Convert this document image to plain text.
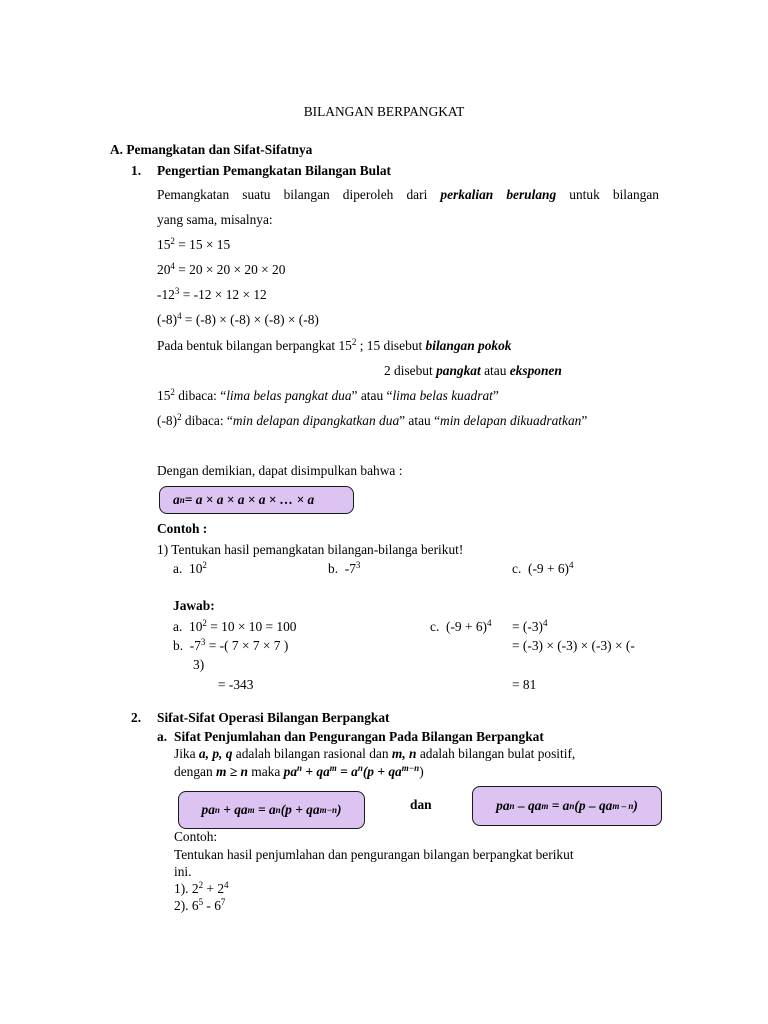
BILANGAN BERPANGKAT
A. Pemangkatan dan Sifat-Sifatnya
1. Pengertian Pemangkatan Bilangan Bulat
Pemangkatan suatu bilangan diperoleh dari perkalian berulang untuk bilangan
yang sama, misalnya:
$15^2 = 15 \times 15$
$20^4 = 20 \times 20 \times 20 \times 20$
$-12^3 = -12 \times 12 \times 12$
$(-8)^4 = (-8) \times (-8) \times (-8) \times (-8)$
Pada bentuk bilangan berpangkat $15^2$ ; 15 disebut bilangan pokok
2 disebut pangkat atau eksponen
$15^2$ dibaca: “lima belas pangkat dua” atau “lima belas kuadrat”
$(-8)^2$ dibaca: “min delapan dipangkatkan dua” atau “min delapan dikuadratkan”
Dengan demikian, dapat disimpulkan bahwa :
a n = a × a × a × a × … × a
Contoh :
1) Tentukan hasil pemangkatan bilangan-bilanga berikut!
a. $10^2$	b. $-7^3$	c. $(-9 + 6)^4$
Jawab:
a. $10^2 = 10 \times 10 = 100$
b. $-7^3$ = -( 7 × 7 × 7 )
3)
= -343
c. $(-9 + 6)^4 = (-3)^4$
= (-3) × (-3) × (-3) × (-
= 81
2. Sifat-Sifat Operasi Bilangan Berpangkat
a. Sifat Penjumlahan dan Pengurangan Pada Bilangan Berpangkat
Jika a, p, q adalah bilangan rasional dan m, n adalah bilangan bulat positif,
dengan m ≥ n maka $pa^n + qa^m = a^n(p + qa^{m-n})$
pa n + qa m = a n (p + qa m−n )	dan	pa n – qa m = a n (p – qa m – n )
Contoh:
Tentukan hasil penjumlahan dan pengurangan bilangan berpangkat berikut
ini.
1). $2^2 + 2^4$
2). $6^5 - 6^7$
